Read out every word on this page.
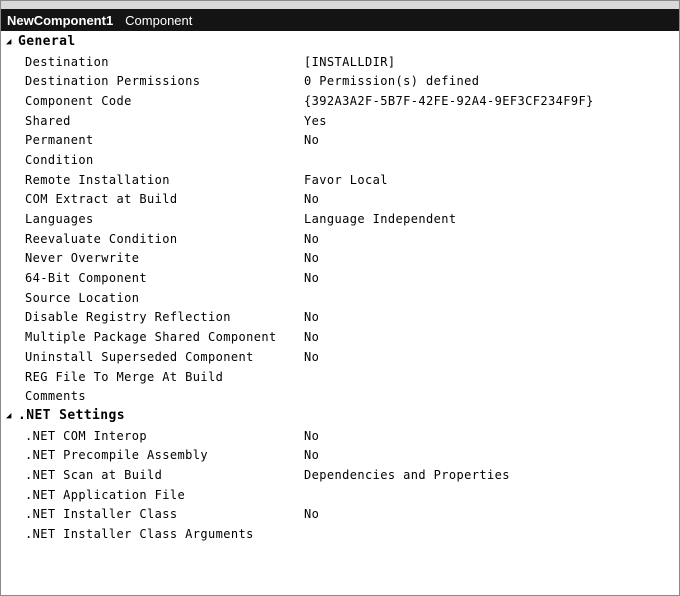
NewComponent1 Component
◢ General
Destination	[INSTALLDIR]
Destination Permissions	0 Permission(s) defined
Component Code	{392A3A2F-5B7F-42FE-92A4-9EF3CF234F9F}
Shared	Yes
Permanent	No
Condition
Remote Installation	Favor Local
COM Extract at Build	No
Languages	Language Independent
Reevaluate Condition	No
Never Overwrite	No
64-Bit Component	No
Source Location
Disable Registry Reflection	No
Multiple Package Shared Component	No
Uninstall Superseded Component	No
REG File To Merge At Build
Comments
◢ .NET Settings
.NET COM Interop	No
.NET Precompile Assembly	No
.NET Scan at Build	Dependencies and Properties
.NET Application File
.NET Installer Class	No
.NET Installer Class Arguments
